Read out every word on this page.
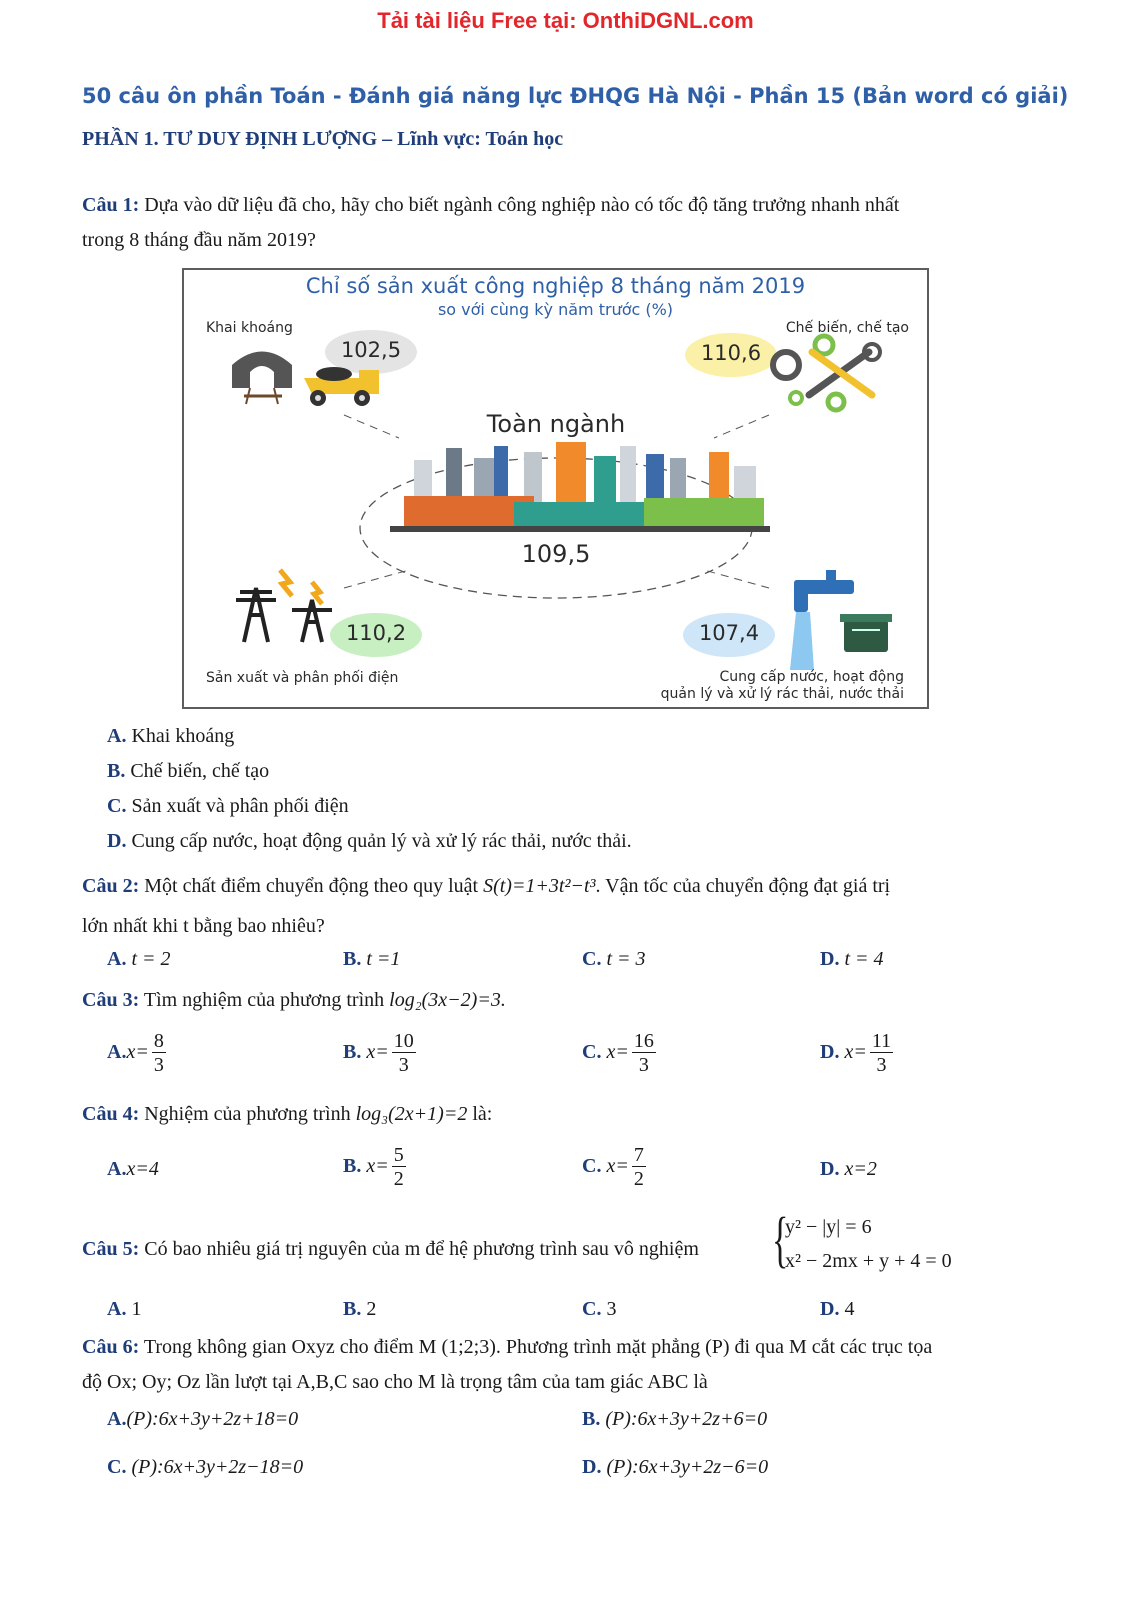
Tải tài liệu Free tại: OnthiDGNL.com
50 câu ôn phần Toán - Đánh giá năng lực ĐHQG Hà Nội - Phần 15 (Bản word có giải)
PHẦN 1. TƯ DUY ĐỊNH LƯỢNG – Lĩnh vực: Toán học
Câu 1: Dựa vào dữ liệu đã cho, hãy cho biết ngành công nghiệp nào có tốc độ tăng trưởng nhanh nhất
trong 8 tháng đầu năm 2019?
Chỉ số sản xuất công nghiệp 8 tháng năm 2019
so với cùng kỳ năm trước (%)
Khai khoáng
102,5
Chế biến, chế tạo
110,6
Toàn ngành
109,5
110,2
Sản xuất và phân phối điện
107,4
Cung cấp nước, hoạt động
quản lý và xử lý rác thải, nước thải
A. Khai khoáng
B. Chế biến, chế tạo
C. Sản xuất và phân phối điện
D. Cung cấp nước, hoạt động quản lý và xử lý rác thải, nước thải.
Câu 2: Một chất điểm chuyển động theo quy luật S(t)=1+3t²−t³. Vận tốc của chuyển động đạt giá trị
lớn nhất khi t bằng bao nhiêu?
A. t = 2	B. t =1	C. t = 3	D. t = 4
Câu 3: Tìm nghiệm của phương trình log₂(3x−2)=3.
$A.x= \frac{8}{3}$	B. $x= \frac{10}{3}$	C. $x= \frac{16}{3}$	D. $x= \frac{11}{3}$
Câu 4: Nghiệm của phương trình log₃(2x+1)=2 là:
A.x=4	B. $x= \frac{5}{2}$	C. $x= \frac{7}{2}$	D. x=2
Câu 5: Có bao nhiêu giá trị nguyên của m để hệ phương trình sau vô nghiệm	{
y² − |y| = 6
x² − 2mx + y + 4 = 0
A. 1	B. 2	C. 3	D. 4
Câu 6: Trong không gian Oxyz cho điểm M (1;2;3). Phương trình mặt phẳng (P) đi qua M cắt các trục tọa
độ Ox; Oy; Oz lần lượt tại A,B,C sao cho M là trọng tâm của tam giác ABC là
A.(P):6x+3y+2z+18=0	B. (P):6x+3y+2z+6=0
C. (P):6x+3y+2z−18=0	D. (P):6x+3y+2z−6=0
